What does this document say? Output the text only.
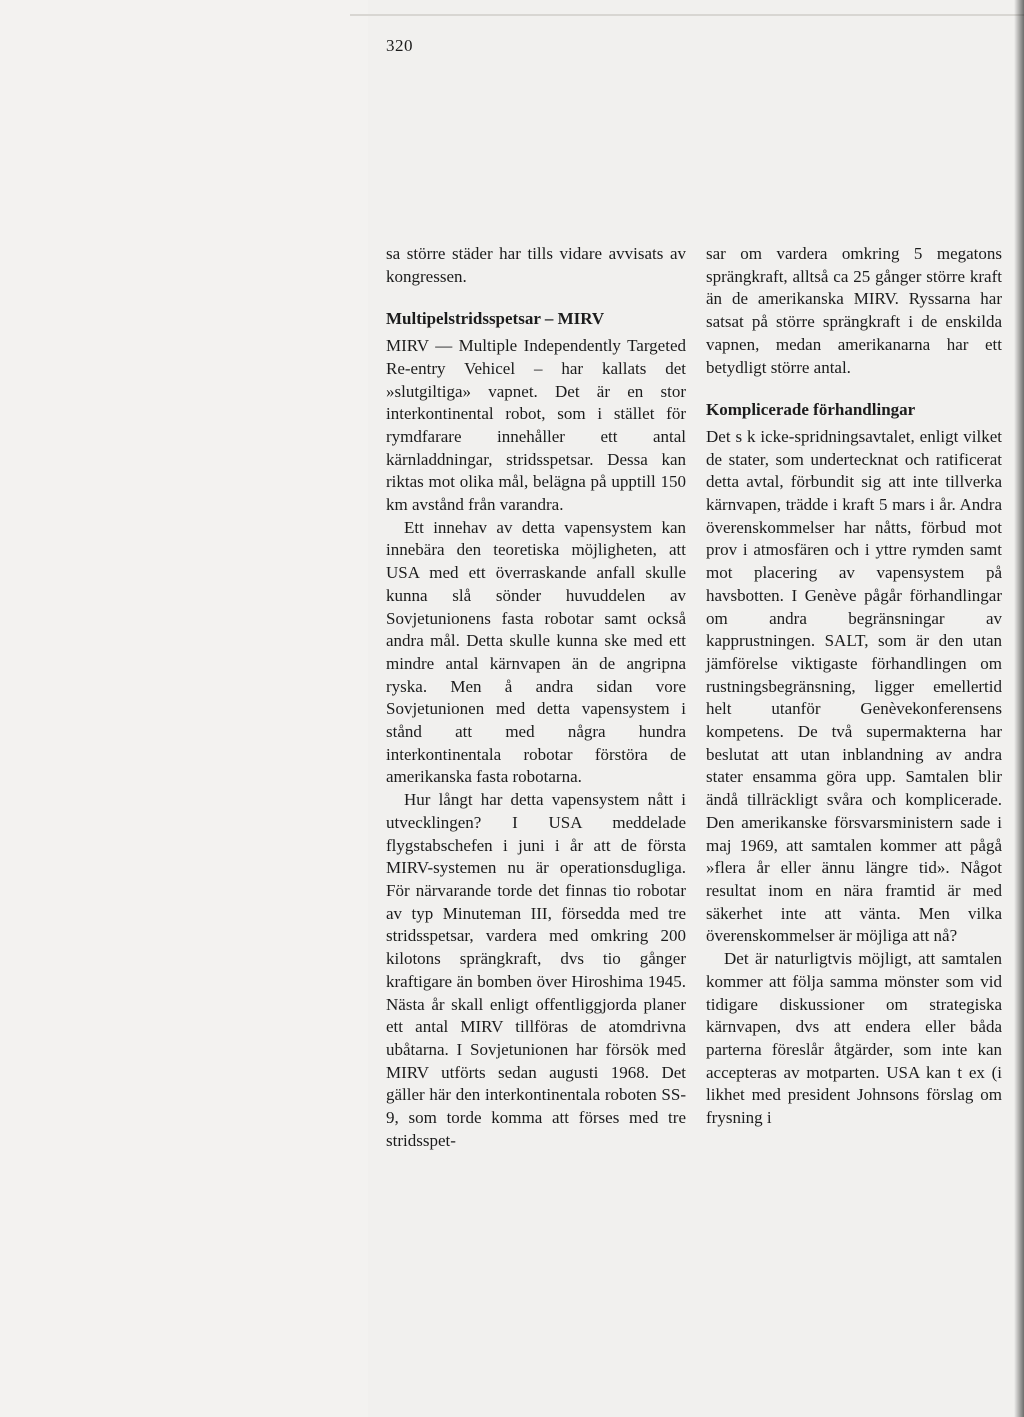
320

sa större städer har tills vidare avvisats av kongressen.

Multipelstridsspetsar – MIRV

MIRV — Multiple Independently Targeted Re-entry Vehicel – har kallats det »slutgiltiga» vapnet. Det är en stor interkontinental robot, som i stället för rymdfarare innehåller ett antal kärnladdningar, stridsspetsar. Dessa kan riktas mot olika mål, belägna på upptill 150 km avstånd från varandra.

Ett innehav av detta vapensystem kan innebära den teoretiska möjligheten, att USA med ett överraskande anfall skulle kunna slå sönder huvuddelen av Sovjetunionens fasta robotar samt också andra mål. Detta skulle kunna ske med ett mindre antal kärnvapen än de angripna ryska. Men å andra sidan vore Sovjetunionen med detta vapensystem i stånd att med några hundra interkontinentala robotar förstöra de amerikanska fasta robotarna.

Hur långt har detta vapensystem nått i utvecklingen? I USA meddelade flygstabschefen i juni i år att de första MIRV-systemen nu är operationsdugliga. För närvarande torde det finnas tio robotar av typ Minuteman III, försedda med tre stridsspetsar, vardera med omkring 200 kilotons sprängkraft, dvs tio gånger kraftigare än bomben över Hiroshima 1945. Nästa år skall enligt offentliggjorda planer ett antal MIRV tillföras de atomdrivna ubåtarna. I Sovjetunionen har försök med MIRV utförts sedan augusti 1968. Det gäller här den interkontinentala roboten SS-9, som torde komma att förses med tre stridsspet-

sar om vardera omkring 5 megatons sprängkraft, alltså ca 25 gånger större kraft än de amerikanska MIRV. Ryssarna har satsat på större sprängkraft i de enskilda vapnen, medan amerikanarna har ett betydligt större antal.

Komplicerade förhandlingar

Det s k icke-spridningsavtalet, enligt vilket de stater, som undertecknat och ratificerat detta avtal, förbundit sig att inte tillverka kärnvapen, trädde i kraft 5 mars i år. Andra överenskommelser har nåtts, förbud mot prov i atmosfären och i yttre rymden samt mot placering av vapensystem på havsbotten. I Genève pågår förhandlingar om andra begränsningar av kapprustningen. SALT, som är den utan jämförelse viktigaste förhandlingen om rustningsbegränsning, ligger emellertid helt utanför Genèvekonferensens kompetens. De två supermakterna har beslutat att utan inblandning av andra stater ensamma göra upp. Samtalen blir ändå tillräckligt svåra och komplicerade. Den amerikanske försvarsministern sade i maj 1969, att samtalen kommer att pågå »flera år eller ännu längre tid». Något resultat inom en nära framtid är med säkerhet inte att vänta. Men vilka överenskommelser är möjliga att nå?

Det är naturligtvis möjligt, att samtalen kommer att följa samma mönster som vid tidigare diskussioner om strategiska kärnvapen, dvs att endera eller båda parterna föreslår åtgärder, som inte kan accepteras av motparten. USA kan t ex (i likhet med president Johnsons förslag om frysning i
